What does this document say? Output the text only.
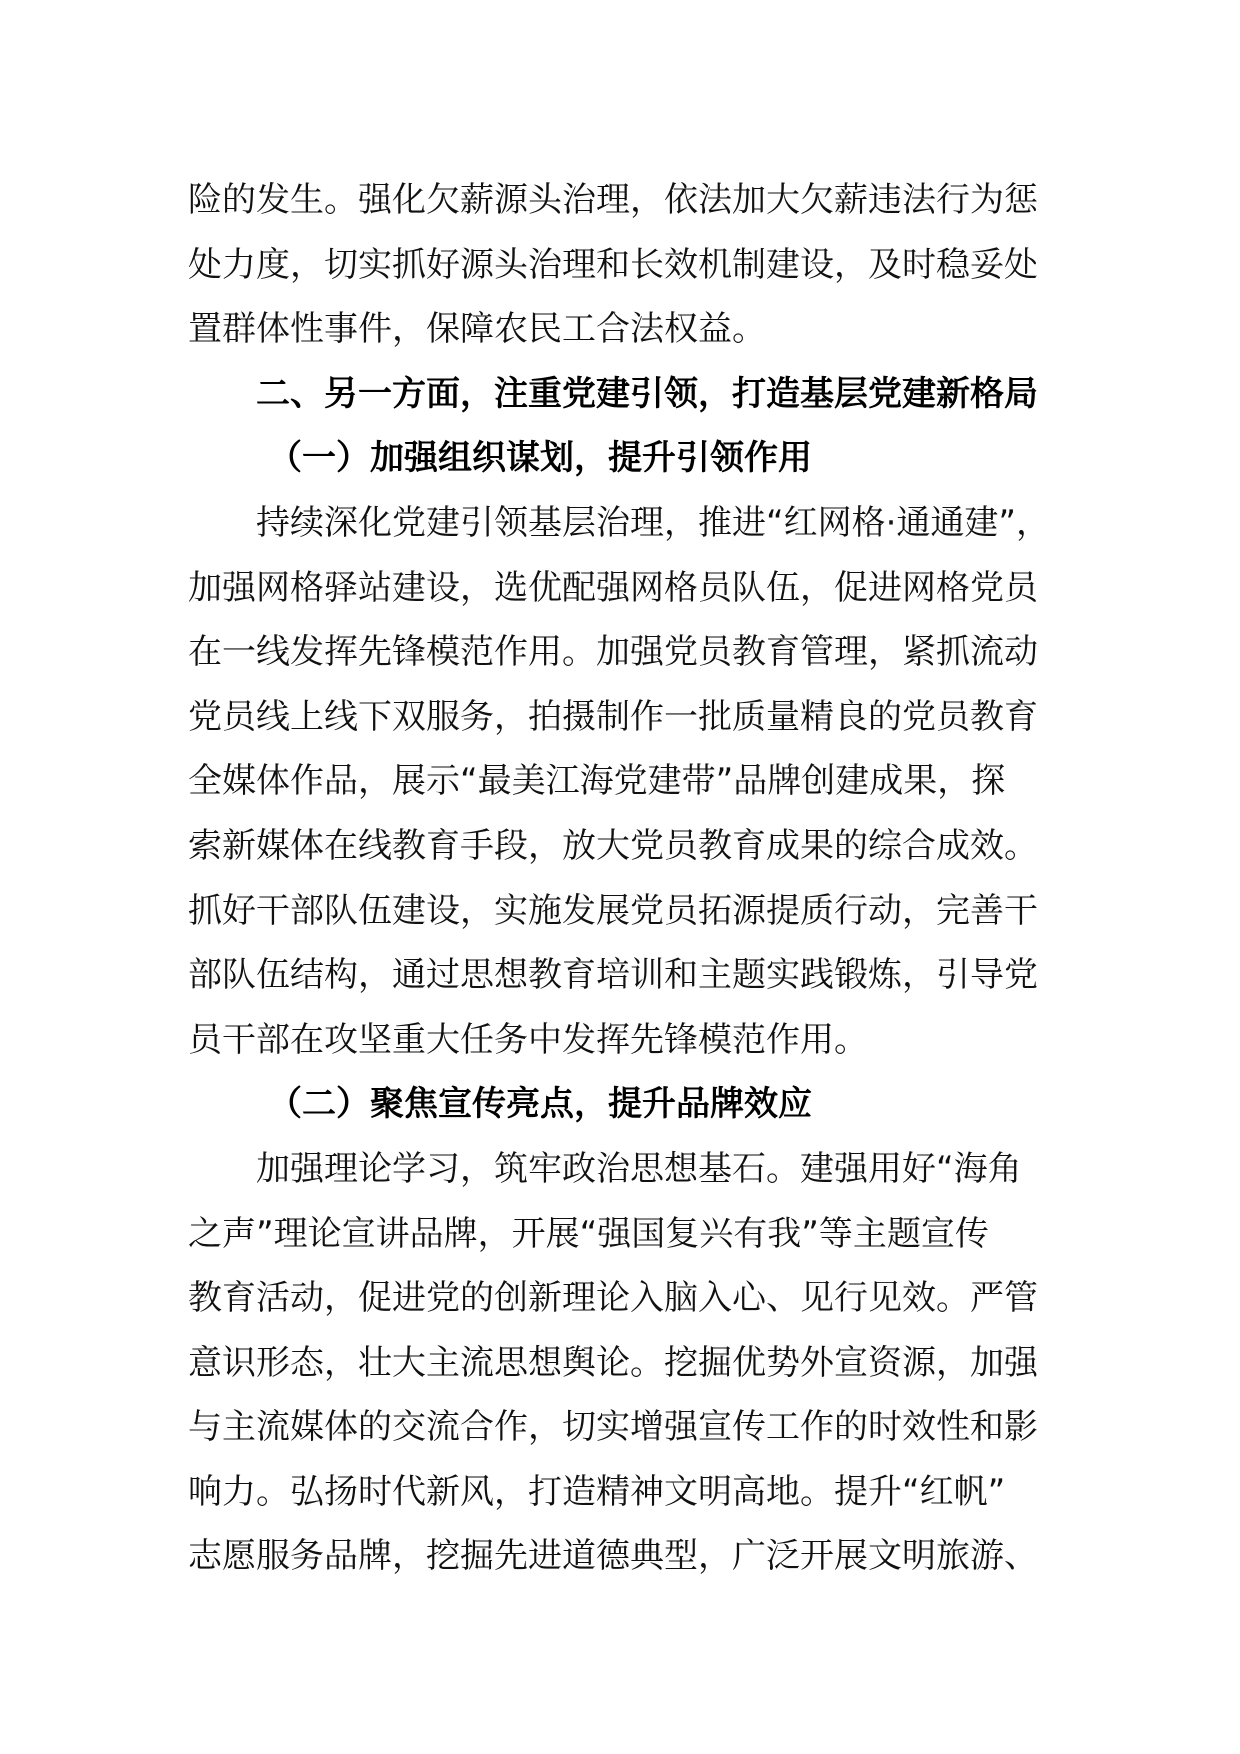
险的发生。强化欠薪源头治理，依法加大欠薪违法行为惩
处力度，切实抓好源头治理和长效机制建设，及时稳妥处
置群体性事件，保障农民工合法权益。
二、另一方面，注重党建引领，打造基层党建新格局
（一）加强组织谋划，提升引领作用
持续深化党建引领基层治理，推进“红网格·通通建”，
加强网格驿站建设，选优配强网格员队伍，促进网格党员
在一线发挥先锋模范作用。加强党员教育管理，紧抓流动
党员线上线下双服务，拍摄制作一批质量精良的党员教育
全媒体作品，展示“最美江海党建带”品牌创建成果，探
索新媒体在线教育手段，放大党员教育成果的综合成效。
抓好干部队伍建设，实施发展党员拓源提质行动，完善干
部队伍结构，通过思想教育培训和主题实践锻炼，引导党
员干部在攻坚重大任务中发挥先锋模范作用。
（二）聚焦宣传亮点，提升品牌效应
加强理论学习，筑牢政治思想基石。建强用好“海角
之声”理论宣讲品牌，开展“强国复兴有我”等主题宣传
教育活动，促进党的创新理论入脑入心、见行见效。严管
意识形态，壮大主流思想舆论。挖掘优势外宣资源，加强
与主流媒体的交流合作，切实增强宣传工作的时效性和影
响力。弘扬时代新风，打造精神文明高地。提升“红帆”
志愿服务品牌，挖掘先进道德典型，广泛开展文明旅游、
